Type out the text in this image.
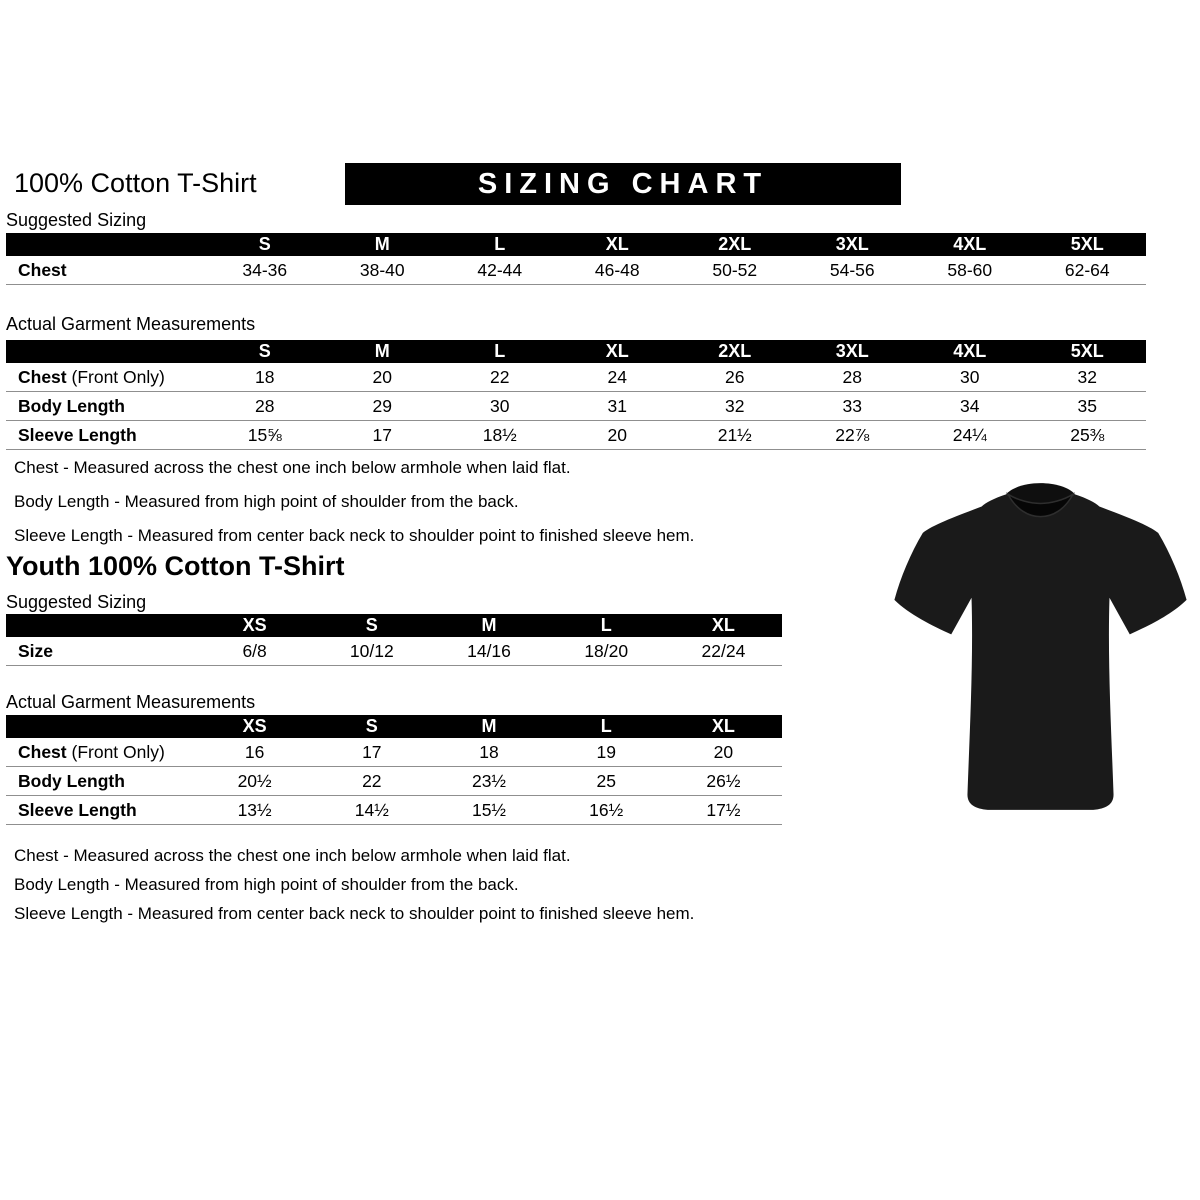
100% Cotton T-Shirt	SIZING CHART
Suggested Sizing
S	M	L	XL	2XL	3XL	4XL	5XL
Chest	34-36	38-40	42-44	46-48	50-52	54-56	58-60	62-64
Actual Garment Measurements
S	M	L	XL	2XL	3XL	4XL	5XL
Chest (Front Only)	18	20	22	24	26	28	30	32
Body Length	28	29	30	31	32	33	34	35
Sleeve Length	15⅝	17	18½	20	21½	22⅞	24¼	25⅜
Chest - Measured across the chest one inch below armhole when laid flat.
Body Length - Measured from high point of shoulder from the back.
Sleeve Length - Measured from center back neck to shoulder point to finished sleeve hem.
Youth 100% Cotton T-Shirt
Suggested Sizing
XS	S	M	L	XL
Size	6/8	10/12	14/16	18/20	22/24
Actual Garment Measurements
XS	S	M	L	XL
Chest (Front Only)	16	17	18	19	20
Body Length	20½	22	23½	25	26½
Sleeve Length	13½	14½	15½	16½	17½
Chest - Measured across the chest one inch below armhole when laid flat.
Body Length - Measured from high point of shoulder from the back.
Sleeve Length - Measured from center back neck to shoulder point to finished sleeve hem.
